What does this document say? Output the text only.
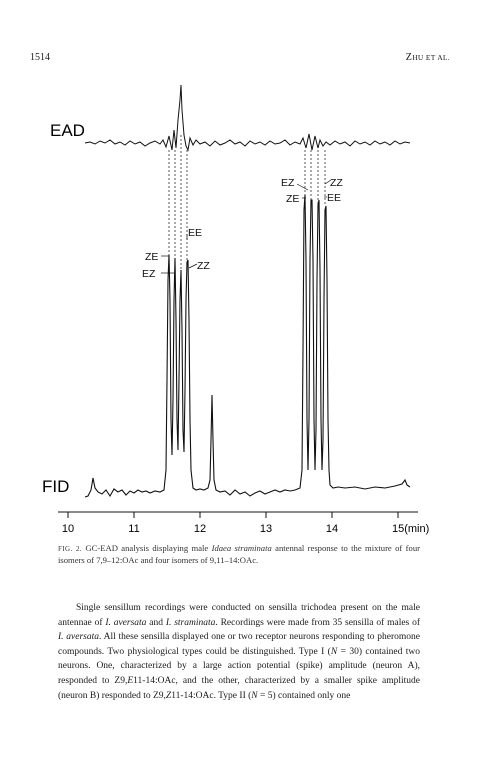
1514	ZHU ET AL.
EAD
FID
ZE
EZ
EE
ZZ
EZ	ZZ
ZE	EE
10	11	12	13	14	15(min)
FIG. 2. GC-EAD analysis displaying male Idaea straminata antennal response to the mixture of four isomers of 7,9–12:OAc and four isomers of 9,11–14:OAc.

Single sensillum recordings were conducted on sensilla trichodea present on the male antennae of I. aversata and I. straminata. Recordings were made from 35 sensilla of males of I. aversata. All these sensilla displayed one or two receptor neurons responding to pheromone compounds. Two physiological types could be distinguished. Type I (N = 30) contained two neurons. One, characterized by a large action potential (spike) amplitude (neuron A), responded to Z9,E11-14:OAc, and the other, characterized by a smaller spike amplitude (neuron B) responded to Z9,Z11-14:OAc. Type II (N = 5) contained only one
